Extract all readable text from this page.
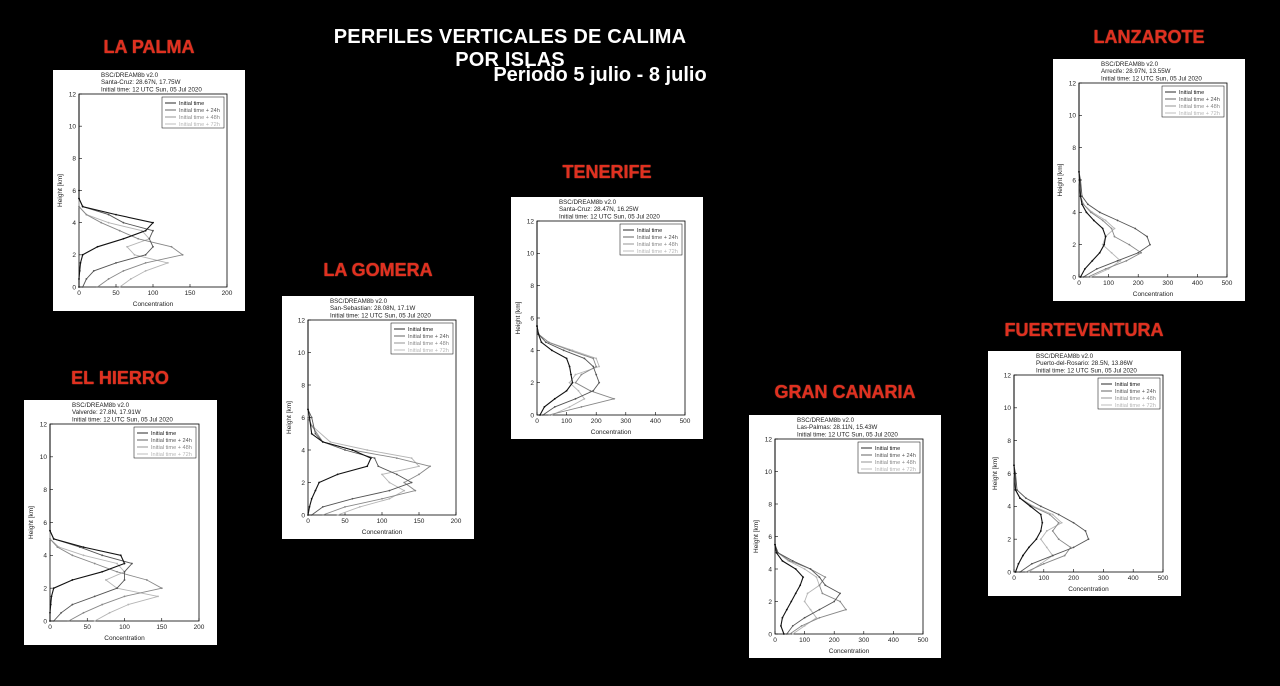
PERFILES VERTICALES DE CALIMA POR ISLAS
Periodo 5 julio - 8 julio
LA PALMA
EL HIERRO
LA GOMERA
TENERIFE
GRAN CANARIA
LANZAROTE
FUERTEVENTURA
BSC/DREAM8b v2.0
Santa-Cruz: 28.67N, 17.75W
Initial time: 12 UTC Sun, 05 Jul 2020
0	50	100	150	200
0
2
4
6
8
10
12
Concentration
Height [km]
Initial time
Initial time + 24h
Initial time + 48h
Initial time + 72h
BSC/DREAM8b v2.0
Valverde: 27.8N, 17.91W
Initial time: 12 UTC Sun, 05 Jul 2020
0	50	100	150	200
0
2
4
6
8
10
12
Concentration
Height [km]
Initial time
Initial time + 24h
Initial time + 48h
Initial time + 72h
BSC/DREAM8b v2.0
San-Sebastian: 28.08N, 17.1W
Initial time: 12 UTC Sun, 05 Jul 2020
0	50	100	150	200
0
2
4
6
8
10
12
Concentration
Height [km]
Initial time
Initial time + 24h
Initial time + 48h
Initial time + 72h
BSC/DREAM8b v2.0
Santa-Cruz: 28.47N, 16.25W
Initial time: 12 UTC Sun, 05 Jul 2020
0	100	200	300	400	500
0
2
4
6
8
10
12
Concentration
Height [km]
Initial time
Initial time + 24h
Initial time + 48h
Initial time + 72h
BSC/DREAM8b v2.0
Las-Palmas: 28.11N, 15.43W
Initial time: 12 UTC Sun, 05 Jul 2020
0	100	200	300	400	500
0
2
4
6
8
10
12
Concentration
Height [km]
Initial time
Initial time + 24h
Initial time + 48h
Initial time + 72h
BSC/DREAM8b v2.0
Arrecife: 28.97N, 13.55W
Initial time: 12 UTC Sun, 05 Jul 2020
0	100	200	300	400	500
0
2
4
6
8
10
12
Concentration
Height [km]
Initial time
Initial time + 24h
Initial time + 48h
Initial time + 72h
BSC/DREAM8b v2.0
Puerto-del-Rosario: 28.5N, 13.86W
Initial time: 12 UTC Sun, 05 Jul 2020
0	100	200	300	400	500
0
2
4
6
8
10
12
Concentration
Height [km]
Initial time
Initial time + 24h
Initial time + 48h
Initial time + 72h
